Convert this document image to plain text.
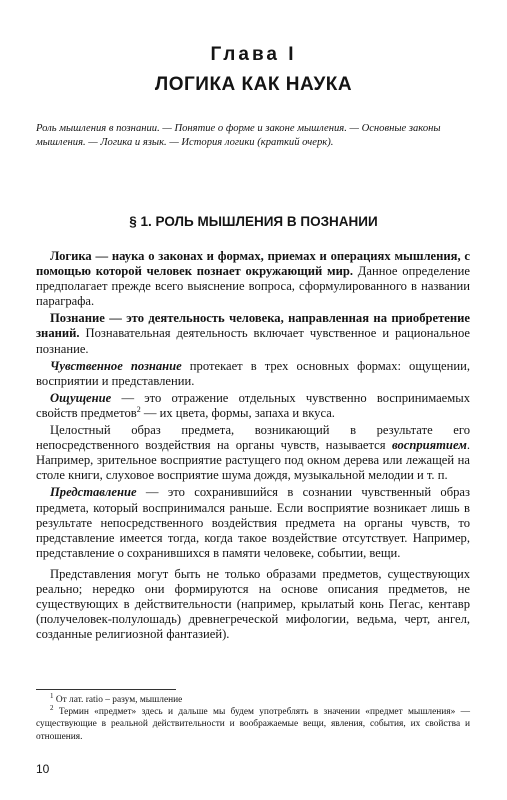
Глава I
ЛОГИКА КАК НАУКА
Роль мышления в познании. — Понятие о форме и законе мышления. — Основные законы мышления. — Логика и язык. — История логики (краткий очерк).
§ 1. РОЛЬ МЫШЛЕНИЯ В ПОЗНАНИИ

Логика — наука о законах и формах, приемах и операциях мышления, с помощью которой человек познает окружающий мир. Данное определение предполагает прежде всего выяснение вопроса, сформулированного в названии параграфа.

Познание — это деятельность человека, направленная на приобретение знаний. Познавательная деятельность включает чувственное и рациональное познание.

Чувственное познание протекает в трех основных формах: ощущении, восприятии и представлении.

Ощущение — это отражение отдельных чувственно воспринимаемых свойств предметов$^2$ — их цвета, формы, запаха и вкуса.

Целостный образ предмета, возникающий в результате его непосредственного воздействия на органы чувств, называется восприятием. Например, зрительное восприятие растущего под окном дерева или лежащей на столе книги, слуховое восприятие шума дождя, музыкальной мелодии и т. п.

Представление — это сохранившийся в сознании чувственный образ предмета, который воспринимался раньше. Если восприятие возникает лишь в результате непосредственного воздействия предмета на органы чувств, то представление имеется тогда, когда такое воздействие отсутствует. Например, представление о сохранившихся в памяти человеке, событии, вещи.

Представления могут быть не только образами предметов, существующих реально; нередко они формируются на основе описания предметов, не существующих в действительности (например, крылатый конь Пегас, кентавр (получеловек-полулошадь) древнегреческой мифологии, ведьма, черт, ангел, созданные религиозной фантазией).

$^1$ От лат. ratio – разум, мышление

$^2$ Термин «предмет» здесь и дальше мы будем употреблять в значении «предмет мышления» — существующие в реальной действительности и воображаемые вещи, явления, события, их свойства и отношения.

10
